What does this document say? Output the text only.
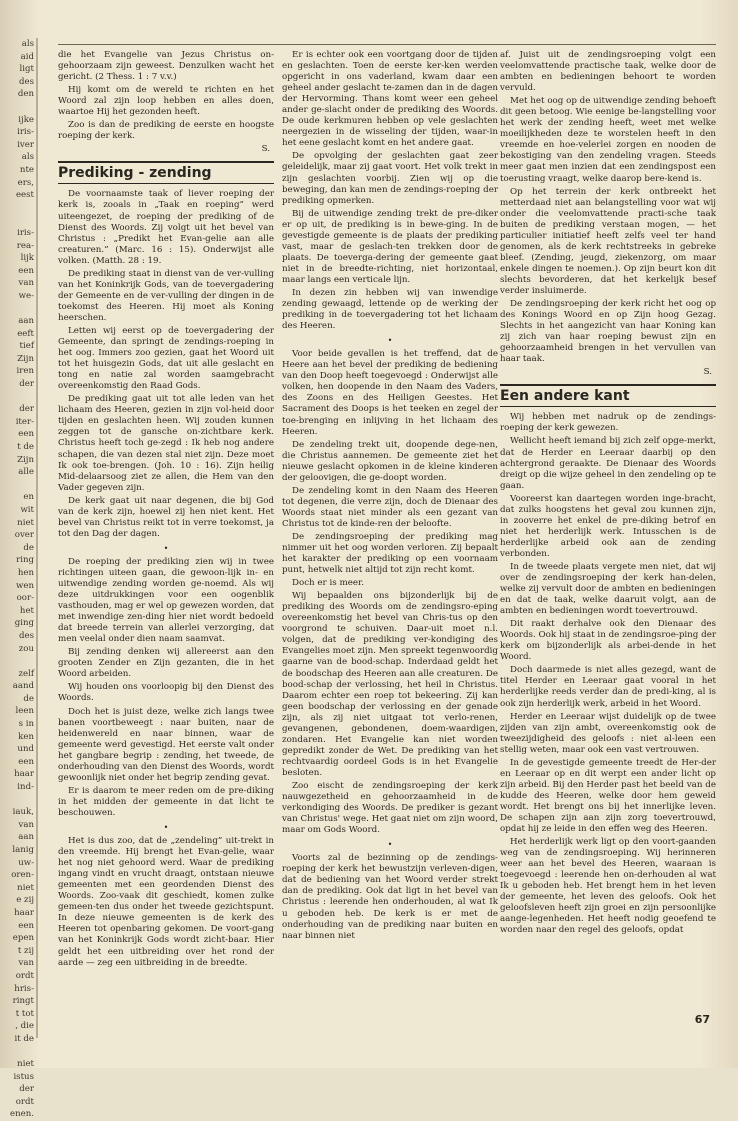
als
aid
ligt
des
den

ijke
iris-
iver
als
nte
ers,
eest

iris-
rea-
lijk
een
van
we-

aan
eeft
tief
Zijn
iren
der

der
iter-
een
t de
Zijn
alle

en
wit
niet
over
de
ring
hen
wen
oor-
het
ging
des
zou

zelf
aand
de
leen
s in
ken
und
een
haar
ind-

iauk,
van
aan
lanig
uw-
oren-
niet
e zij
haar
een
epen
t zij
van
ordt
hris-
ringt
t tot
, die
it de

niet
istus
der
ordt
enen.

die het Evangelie van Jezus Christus on-gehoorzaam zijn geweest. Denzulken wacht het gericht. (2 Thess. 1 : 7 v.v.)

Hij komt om de wereld te richten en het Woord zal zijn loop hebben en alles doen, waartoe Hij het gezonden heeft.

Zoo is dan de prediking de eerste en hoogste roeping der kerk.

S.
Prediking - zending

De voornaamste taak of liever roeping der kerk is, zooals in „Taak en roeping” werd uiteengezet, de roeping der prediking of de Dienst des Woords. Zij volgt uit het bevel van Christus : „Predikt het Evan-gelie aan alle creaturen.” (Marc. 16 : 15). Onderwijst alle volken. (Matth. 28 : 19.

De prediking staat in dienst van de ver-vulling van het Koninkrijk Gods, van de toevergadering der Gemeente en de ver-vulling der dingen in de toekomst des Heeren. Hij moet als Koning heerschen.

Letten wij eerst op de toevergadering der Gemeente, dan springt de zendings-roeping in het oog. Immers zoo gezien, gaat het Woord uit tot het huisgezin Gods, dat uit alle geslacht en tong en natie zal worden saamgebracht overeenkomstig den Raad Gods.

De prediking gaat uit tot alle leden van het lichaam des Heeren, gezien in zijn vol-heid door tijden en geslachten heen. Wij zouden kunnen zeggen tot de gansche on-zichtbare kerk. Christus heeft toch ge-zegd : Ik heb nog andere schapen, die van dezen stal niet zijn. Deze moet Ik ook toe-brengen. (Joh. 10 : 16). Zijn heilig Mid-delaarsoog ziet ze allen, die Hem van den Vader gegeven zijn.

De kerk gaat uit naar degenen, die bij God van de kerk zijn, hoewel zij hen niet kent. Het bevel van Christus reikt tot in verre toekomst, ja tot den Dag der dagen.

•

De roeping der prediking zien wij in twee richtingen uiteen gaan, die gewoon-lijk in- en uitwendige zending worden ge-noemd. Als wij deze uitdrukkingen voor een oogenblik vasthouden, mag er wel op gewezen worden, dat met inwendige zen-ding hier niet wordt bedoeld dat breede terrein van allerlei verzorging, dat men veelal onder dien naam saamvat.

Bij zending denken wij allereerst aan den grooten Zender en Zijn gezanten, die in het Woord arbeiden.

Wij houden ons voorloopig bij den Dienst des Woords.

Doch het is juist deze, welke zich langs twee banen voortbeweegt : naar buiten, naar de heidenwereld en naar binnen, waar de gemeente werd gevestigd. Het eerste valt onder het gangbare begrip : zending, het tweede, de onderhouding van den Dienst des Woords, wordt gewoonlijk niet onder het begrip zending gevat.

Er is daarom te meer reden om de pre-diking in het midden der gemeente in dat licht te beschouwen.

•

Het is dus zoo, dat de „zendeling” uit-trekt in den vreemde. Hij brengt het Evan-gelie, waar het nog niet gehoord werd. Waar de prediking ingang vindt en vrucht draagt, ontstaan nieuwe gemeenten met een geordenden Dienst des Woords. Zoo-vaak dit geschiedt, komen zulke gemeen-ten dus onder het tweede gezichtspunt. In deze nieuwe gemeenten is de kerk des Heeren tot openbaring gekomen. De voort-gang van het Koninkrijk Gods wordt zicht-baar. Hier geldt het een uitbreiding over het rond der aarde — zeg een uitbreiding in de breedte.

Er is echter ook een voortgang door de tijden en geslachten. Toen de eerste ker-ken werden opgericht in ons vaderland, kwam daar een geheel ander geslacht te-zamen dan in de dagen der Hervorming. Thans komt weer een geheel ander ge-slacht onder de prediking des Woords. De oude kerkmuren hebben op vele geslachten neergezien in de wisseling der tijden, waar-in het eene geslacht komt en het andere gaat.

De opvolging der geslachten gaat zeer geleidelijk, maar zij gaat voort. Het volk trekt in zijn geslachten voorbij. Zien wij op die beweging, dan kan men de zendings-roeping der prediking opmerken.

Bij de uitwendige zending trekt de pre-diker er op uit, de prediking is in bewe-ging. In de gevestigde gemeente is de plaats der prediking vast, maar de geslach-ten trekken door de plaats. De toeverga-dering der gemeente gaat niet in de breedte-richting, niet horizontaal, maar langs een verticale lijn.

In dezen zin hebben wij van inwendige zending gewaagd, lettende op de werking der prediking in de toevergadering tot het lichaam des Heeren.

•

Voor beide gevallen is het treffend, dat de Heere aan het bevel der prediking de bediening van den Doop heeft toegevoegd : Onderwijst alle volken, hen doopende in den Naam des Vaders, des Zoons en des Heiligen Geestes. Het Sacrament des Doops is het teeken en zegel der toe-brenging en inlijving in het lichaam des Heeren.

De zendeling trekt uit, doopende dege-nen, die Christus aannemen. De gemeente ziet het nieuwe geslacht opkomen in de kleine kinderen der geloovigen, die ge-doopt worden.

De zendeling komt in den Naam des Heeren tot degenen, die verre zijn, doch de Dienaar des Woords staat niet minder als een gezant van Christus tot de kinde-ren der beloofte.

De zendingsroeping der prediking mag nimmer uit het oog worden verloren. Zij bepaalt het karakter der prediking op een voornaam punt, hetwelk niet altijd tot zijn recht komt.

Doch er is meer.

Wij bepaalden ons bijzonderlijk bij de prediking des Woords om de zendingsro-eping overeenkomstig het bevel van Chris-tus op den voorgrond te schuiven. Daar-uit moet n.l. volgen, dat de prediking ver-kondiging des Evangelies moet zijn. Men spreekt tegenwoordig gaarne van de bood-schap. Inderdaad geldt het de boodschap des Heeren aan alle creaturen. De bood-schap der verlossing, het heil in Christus. Daarom echter een roep tot bekeering. Zij kan geen boodschap der verlossing en der genade zijn, als zij niet uitgaat tot verlo-renen, gevangenen, gebondenen, doem-waardigen, zondaren. Het Evangelie kan niet worden gepredikt zonder de Wet. De prediking van het rechtvaardig oordeel Gods is in het Evangelie besloten.

Zoo eischt de zendingsroeping der kerk nauwgezetheid en gehoorzaamheid in de verkondiging des Woords. De prediker is gezant van Christus' wege. Het gaat niet om zijn woord, maar om Gods Woord.

•

Voorts zal de bezinning op de zendings-roeping der kerk het bewustzijn verleven-digen, dat de bediening van het Woord verder strekt dan de prediking. Ook dat ligt in het bevel van Christus : leerende hen onderhouden, al wat Ik u geboden heb. De kerk is er met de onderhouding van de prediking naar buiten en naar binnen niet

af. Juist uit de zendingsroeping volgt een veelomvattende practische taak, welke door de ambten en bedieningen behoort te worden vervuld.

Met het oog op de uitwendige zending behoeft dit geen betoog. Wie eenige be-langstelling voor het werk der zending heeft, weet met welke moeilijkheden deze te worstelen heeft in den vreemde en hoe-velerlei zorgen en nooden de bekostiging van den zendeling vragen. Steeds meer gaat men inzien dat een zendingspost een toerusting vraagt, welke daarop bere-kend is.

Op het terrein der kerk ontbreekt het metterdaad niet aan belangstelling voor wat wij onder die veelomvattende practi-sche taak buiten de prediking verstaan mogen, — het particulier initiatief heeft zelfs veel ter hand genomen, als de kerk rechtstreeks in gebreke bleef. (Zending, jeugd, ziekenzorg, om maar enkele dingen te noemen.). Op zijn beurt kon dit slechts bevorderen, dat het kerkelijk besef verder insluimerde.

De zendingsroeping der kerk richt het oog op des Konings Woord en op Zijn hoog Gezag. Slechts in het aangezicht van haar Koning kan zij zich van haar roeping bewust zijn en gehoorzaamheid brengen in het vervullen van haar taak.

S.
Een andere kant

Wij hebben met nadruk op de zendings-roeping der kerk gewezen.

Wellicht heeft iemand bij zich zelf opge-merkt, dat de Herder en Leeraar daarbij op den achtergrond geraakte. De Dienaar des Woords dreigt op die wijze geheel in den zendeling op te gaan.

Vooreerst kan daartegen worden inge-bracht, dat zulks hoogstens het geval zou kunnen zijn, in zooverre het enkel de pre-diking betrof en niet het herderlijk werk. Intusschen is de herderlijke arbeid ook aan de zending verbonden.

In de tweede plaats vergete men niet, dat wij over de zendingsroeping der kerk han-delen, welke zij vervult door de ambten en bedieningen en dat de taak, welke daaruit volgt, aan de ambten en bedieningen wordt toevertrouwd.

Dit raakt derhalve ook den Dienaar des Woords. Ook hij staat in de zendingsroe-ping der kerk om bijzonderlijk als arbei-dende in het Woord.

Doch daarmede is niet alles gezegd, want de titel Herder en Leeraar gaat vooral in het herderlijke reeds verder dan de predi-king, al is ook zijn herderlijk werk, arbeid in het Woord.

Herder en Leeraar wijst duidelijk op de twee zijden van zijn ambt, overeenkomstig ook de tweezijdigheid des geloofs : niet al-leen een stellig weten, maar ook een vast vertrouwen.

In de gevestigde gemeente treedt de Her-der en Leeraar op en dit werpt een ander licht op zijn arbeid. Bij den Herder past het beeld van de kudde des Heeren, welke door hem geweid wordt. Het brengt ons bij het innerlijke leven. De schapen zijn aan zijn zorg toevertrouwd, opdat hij ze leide in den effen weg des Heeren.

Het herderlijk werk ligt op den voort-gaanden weg van de zendingsroeping. Wij herinneren weer aan het bevel des Heeren, waaraan is toegevoegd : leerende hen on-derhouden al wat Ik u geboden heb. Het brengt hem in het leven der gemeente, het leven des geloofs. Ook het geloofsleven heeft zijn groei en zijn persoonlijke aange-legenheden. Het heeft nodig geoefend te worden naar den regel des geloofs, opdat

67
